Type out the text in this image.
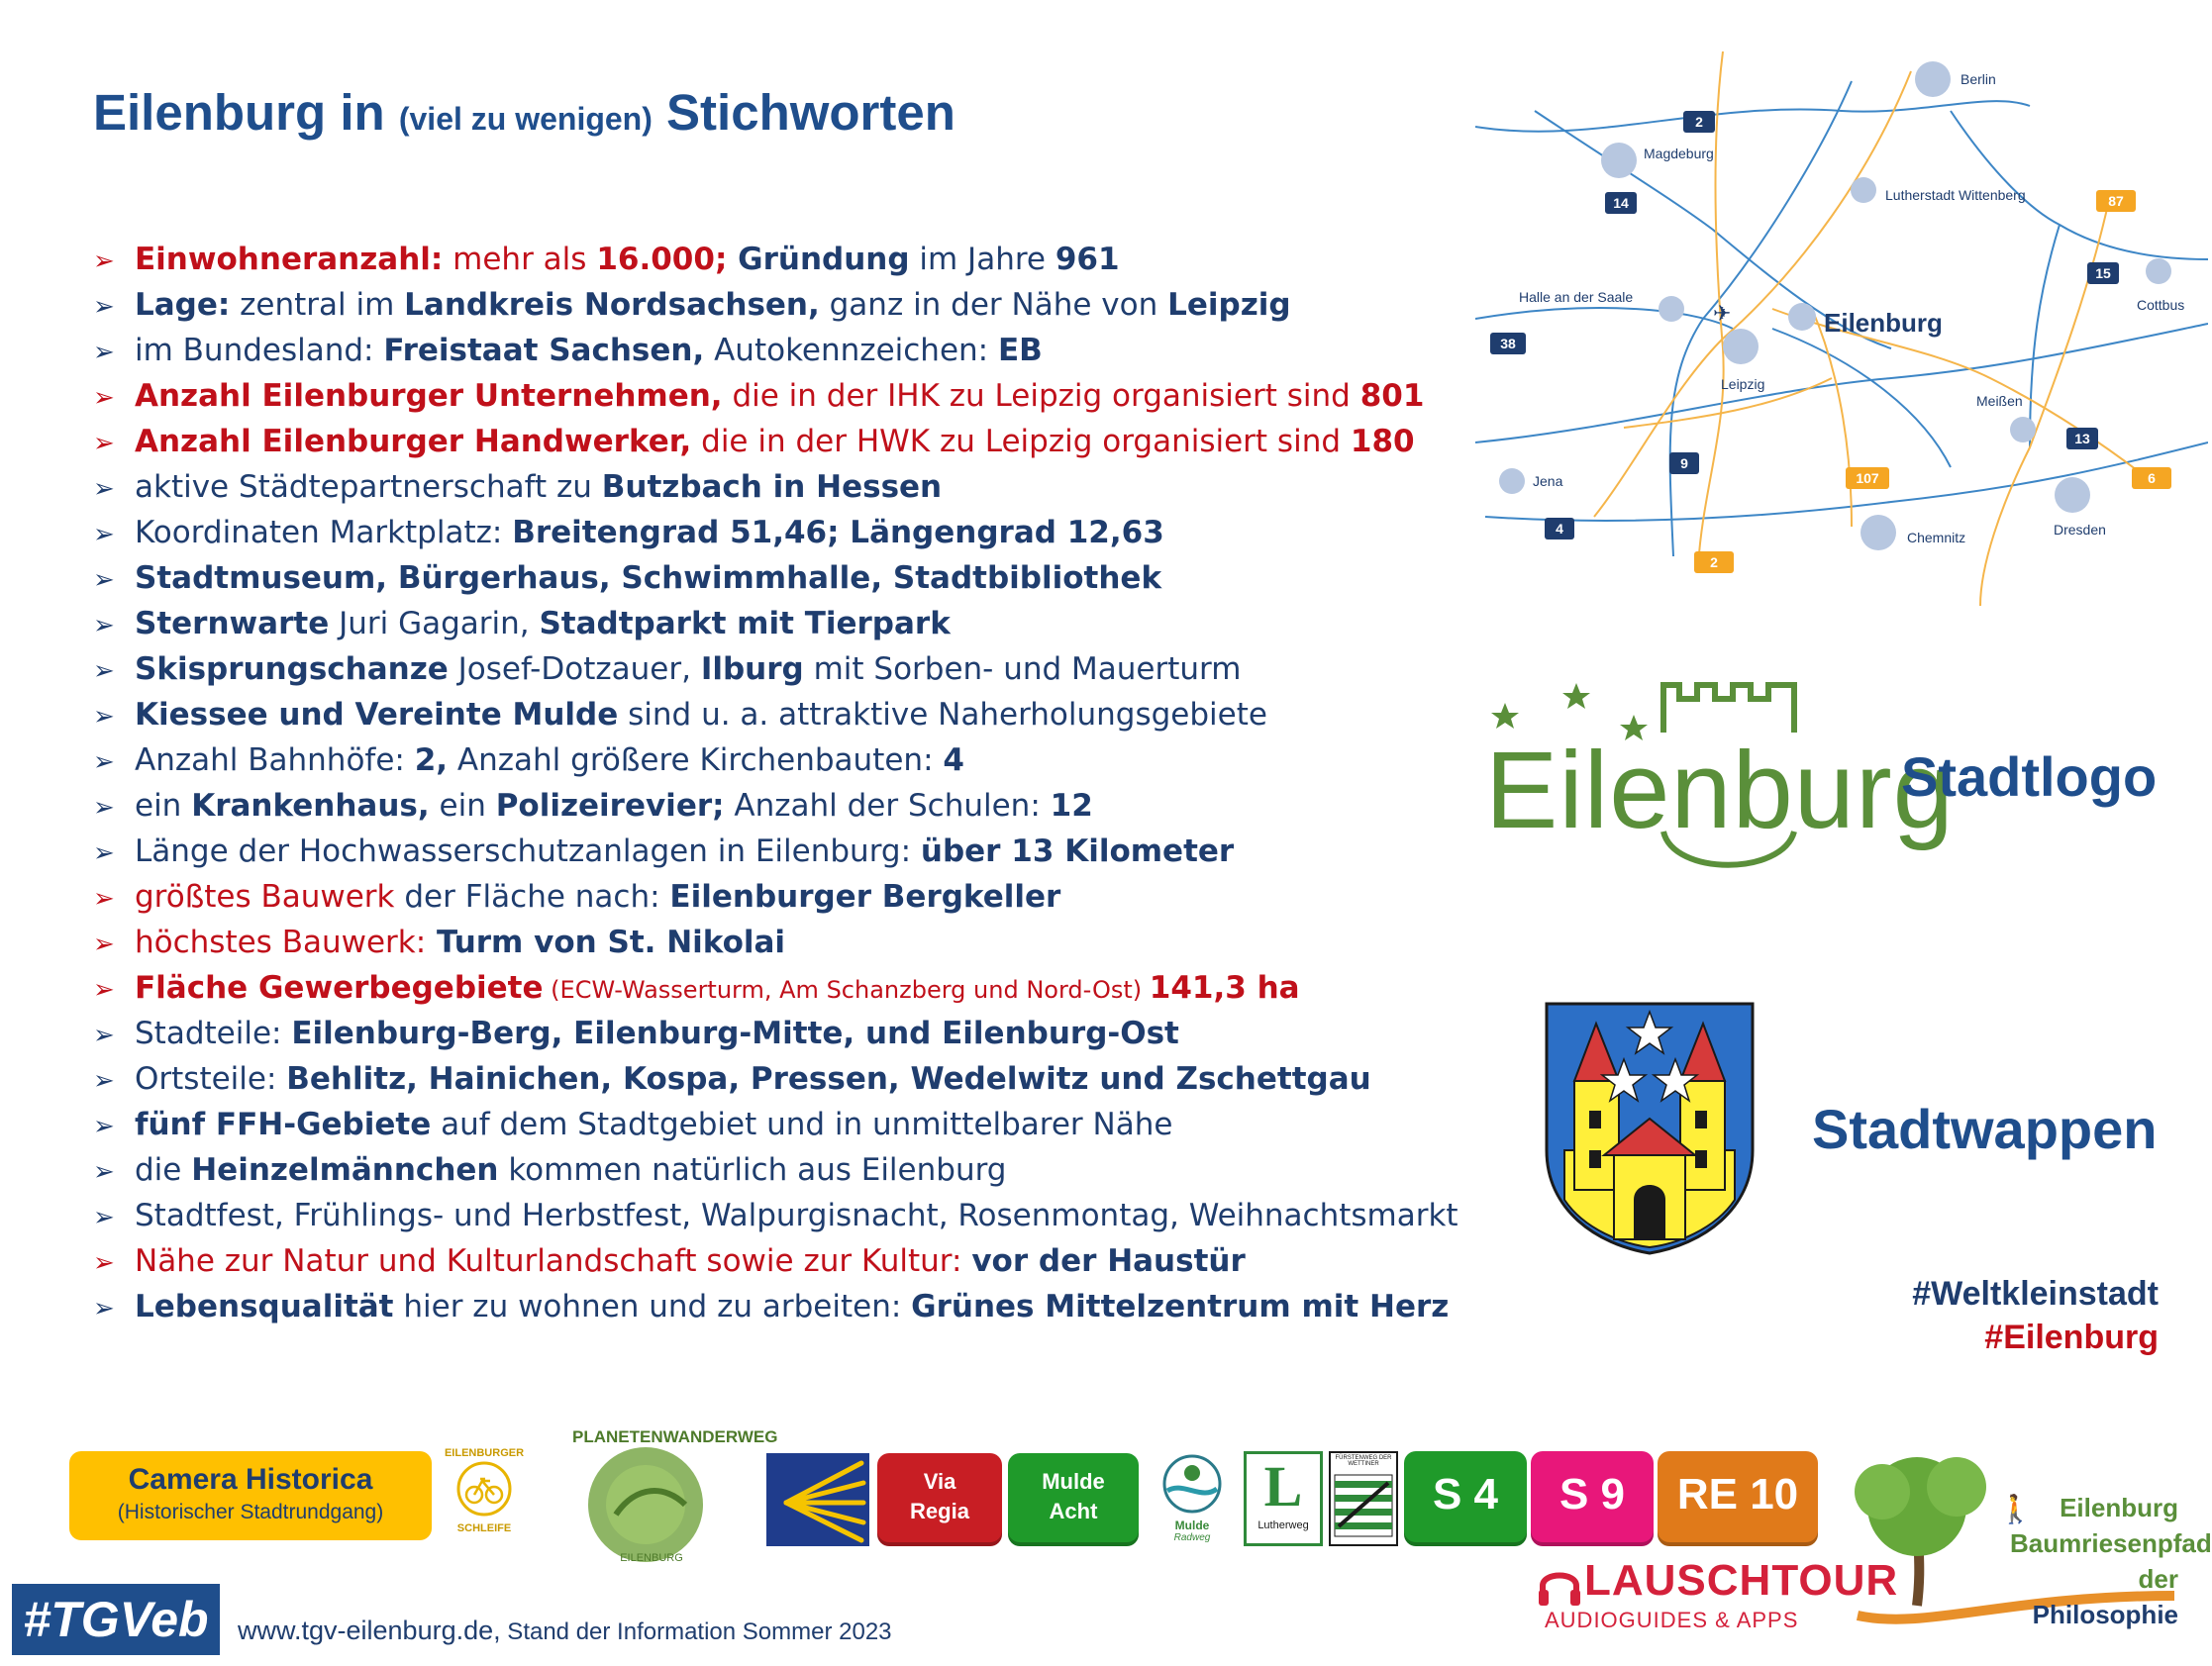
Eilenburg in (viel zu wenigen) Stichworten
➢ Einwohneranzahl: mehr als 16.000; Gründung im Jahre 961
➢ Lage: zentral im Landkreis Nordsachsen, ganz in der Nähe von Leipzig
➢ im Bundesland: Freistaat Sachsen, Autokennzeichen: EB
➢ Anzahl Eilenburger Unternehmen, die in der IHK zu Leipzig organisiert sind 801
➢ Anzahl Eilenburger Handwerker, die in der HWK zu Leipzig organisiert sind 180
➢ aktive Städtepartnerschaft zu Butzbach in Hessen
➢ Koordinaten Marktplatz: Breitengrad 51,46; Längengrad 12,63
➢ Stadtmuseum, Bürgerhaus, Schwimmhalle, Stadtbibliothek
➢ Sternwarte Juri Gagarin, Stadtparkt mit Tierpark
➢ Skisprungschanze Josef-Dotzauer, Ilburg mit Sorben- und Mauerturm
➢ Kiessee und Vereinte Mulde sind u. a. attraktive Naherholungsgebiete
➢ Anzahl Bahnhöfe: 2, Anzahl größere Kirchenbauten: 4
➢ ein Krankenhaus, ein Polizeirevier; Anzahl der Schulen: 12
➢ Länge der Hochwasserschutzanlagen in Eilenburg: über 13 Kilometer
➢ größtes Bauwerk der Fläche nach: Eilenburger Bergkeller
➢ höchstes Bauwerk: Turm von St. Nikolai
➢ Fläche Gewerbegebiete (ECW-Wasserturm, Am Schanzberg und Nord-Ost) 141,3 ha
➢ Stadteile: Eilenburg-Berg, Eilenburg-Mitte, und Eilenburg-Ost
➢ Ortsteile: Behlitz, Hainichen, Kospa, Pressen, Wedelwitz und Zschettgau
➢ fünf FFH-Gebiete auf dem Stadtgebiet und in unmittelbarer Nähe
➢ die Heinzelmännchen kommen natürlich aus Eilenburg
➢ Stadtfest, Frühlings- und Herbstfest, Walpurgisnacht, Rosenmontag, Weihnachtsmarkt
➢ Nähe zur Natur und Kulturlandschaft sowie zur Kultur: vor der Haustür
➢ Lebensqualität hier zu wohnen und zu arbeiten: Grünes Mittelzentrum mit Herz
✈
Berlin
Magdeburg
Lutherstadt Wittenberg
Halle an der Saale
Eilenburg
Leipzig
Cottbus
Meißen
Jena
Chemnitz	Dresden
2
14	87
15
38
13
9
107	6
4
2
Eilenburg
Stadtlogo
Stadtwappen
#Weltkleinstadt
#Eilenburg
Camera Historica
(Historischer Stadtrundgang)
EILENBURGER
SCHLEIFE
PLANETENWANDERWEG
EILENBURG
Via
Regia
Mulde
Acht
Mulde
Radweg
L
Lutherweg
FÜRSTENWEG DER WETTINER
S 4	S 9	RE 10	🚶	Eilenburg
Baumriesenpfad
der Philosophie
LAUSCHTOUR
AUDIOGUIDES & APPS
#TGVeb	www.tgv-eilenburg.de, Stand der Information Sommer 2023
